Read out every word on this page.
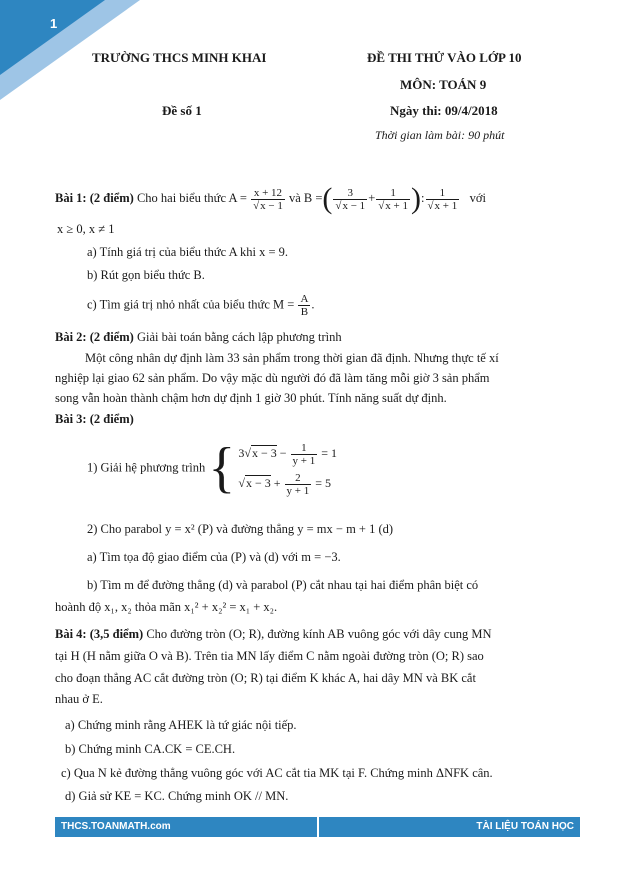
1
TRƯỜNG THCS MINH KHAI	ĐỀ THI THỬ VÀO LỚP 10
MÔN: TOÁN 9
Đề số 1	Ngày thi: 09/4/2018
Thời gian làm bài: 90 phút
Bài 1: (2 điểm) Cho hai biểu thức $A = \frac{x + 12}{√x - 1}$ và B =( $\frac{3}{√x - 1} + \frac{1}{√x + 1}$ ): $\frac{1}{√x + 1}$ với
x ≥ 0, x ≠ 1
a) Tính giá trị của biểu thức A khi x = 9.
b) Rút gọn biểu thức B.
c) Tìm giá trị nhỏ nhất của biểu thức $M = \frac{A}{B}$ .
Bài 2: (2 điểm) Giải bài toán bằng cách lập phương trình
Một công nhân dự định làm 33 sản phẩm trong thời gian đã định. Nhưng thực tế xí
nghiệp lại giao 62 sản phẩm. Do vậy mặc dù người đó đã làm tăng mỗi giờ 3 sản phẩm
song vẫn hoàn thành chậm hơn dự định 1 giờ 30 phút. Tính năng suất dự định.
Bài 3: (2 điểm)
1) Giải hệ phương trình { $3√x - 3 - \frac{1}{y + 1} = 1$
$√x - 3 + \frac{2}{y + 1} = 5$
2) Cho parabol y = x² (P) và đường thẳng y = mx − m + 1 (d)
a) Tìm tọa độ giao điểm của (P) và (d) với m = −3.
b) Tìm m để đường thẳng (d) và parabol (P) cắt nhau tại hai điểm phân biệt có
hoành độ x₁, x₂ thỏa mãn x₁² + x₂² = x₁ + x₂.
Bài 4: (3,5 điểm) Cho đường tròn (O; R), đường kính AB vuông góc với dây cung MN
tại H (H nằm giữa O và B). Trên tia MN lấy điểm C nằm ngoài đường tròn (O; R) sao
cho đoạn thẳng AC cắt đường tròn (O; R) tại điểm K khác A, hai dây MN và BK cắt
nhau ở E.
a) Chứng minh rằng AHEK là tứ giác nội tiếp.
b) Chứng minh CA.CK = CE.CH.
c) Qua N kẻ đường thẳng vuông góc với AC cắt tia MK tại F. Chứng minh ΔNFK cân.
d) Giả sử KE = KC. Chứng minh OK // MN.
THCS.TOANMATH.com	TÀI LIỆU TOÁN HỌC
